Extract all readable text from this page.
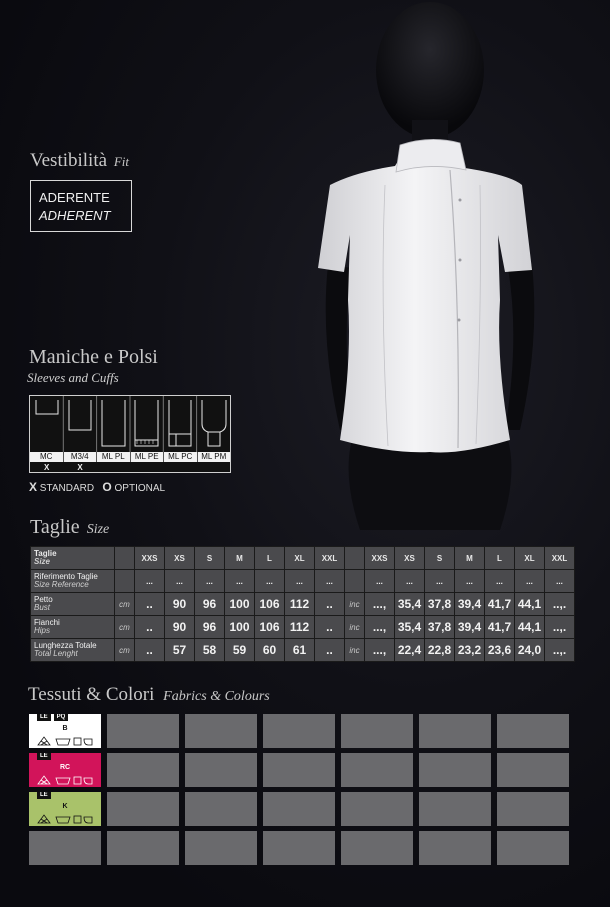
Vestibilità Fit
ADERENTE
ADHERENT
Maniche e Polsi
Sleeves and Cuffs
MC	M3/4	ML PL	ML PE	ML PC	ML PM
X	X
X STANDARD O OPTIONAL
Taglie Size
Taglie
Size		XXS	XS	S	M	L	XL	XXL		XXS	XS	S	M	L	XL	XXL
Riferimento Taglie
Size Reference		...	...	...	...	...	...	...		...	...	...	...	...	...	...
Petto
Bust	cm	..	90	96	100	106	112	..	inc	...,	35,4	37,8	39,4	41,7	44,1	..,.
Fianchi
Hips	cm	..	90	96	100	106	112	..	inc	...,	35,4	37,8	39,4	41,7	44,1	..,.
Lunghezza Totale
Total Lenght	cm	..	57	58	59	60	61	..	inc	...,	22,4	22,8	23,2	23,6	24,0	..,.
Tessuti & Colori Fabrics & Colours
LE	PQ
B
LE
RC
LE
K
